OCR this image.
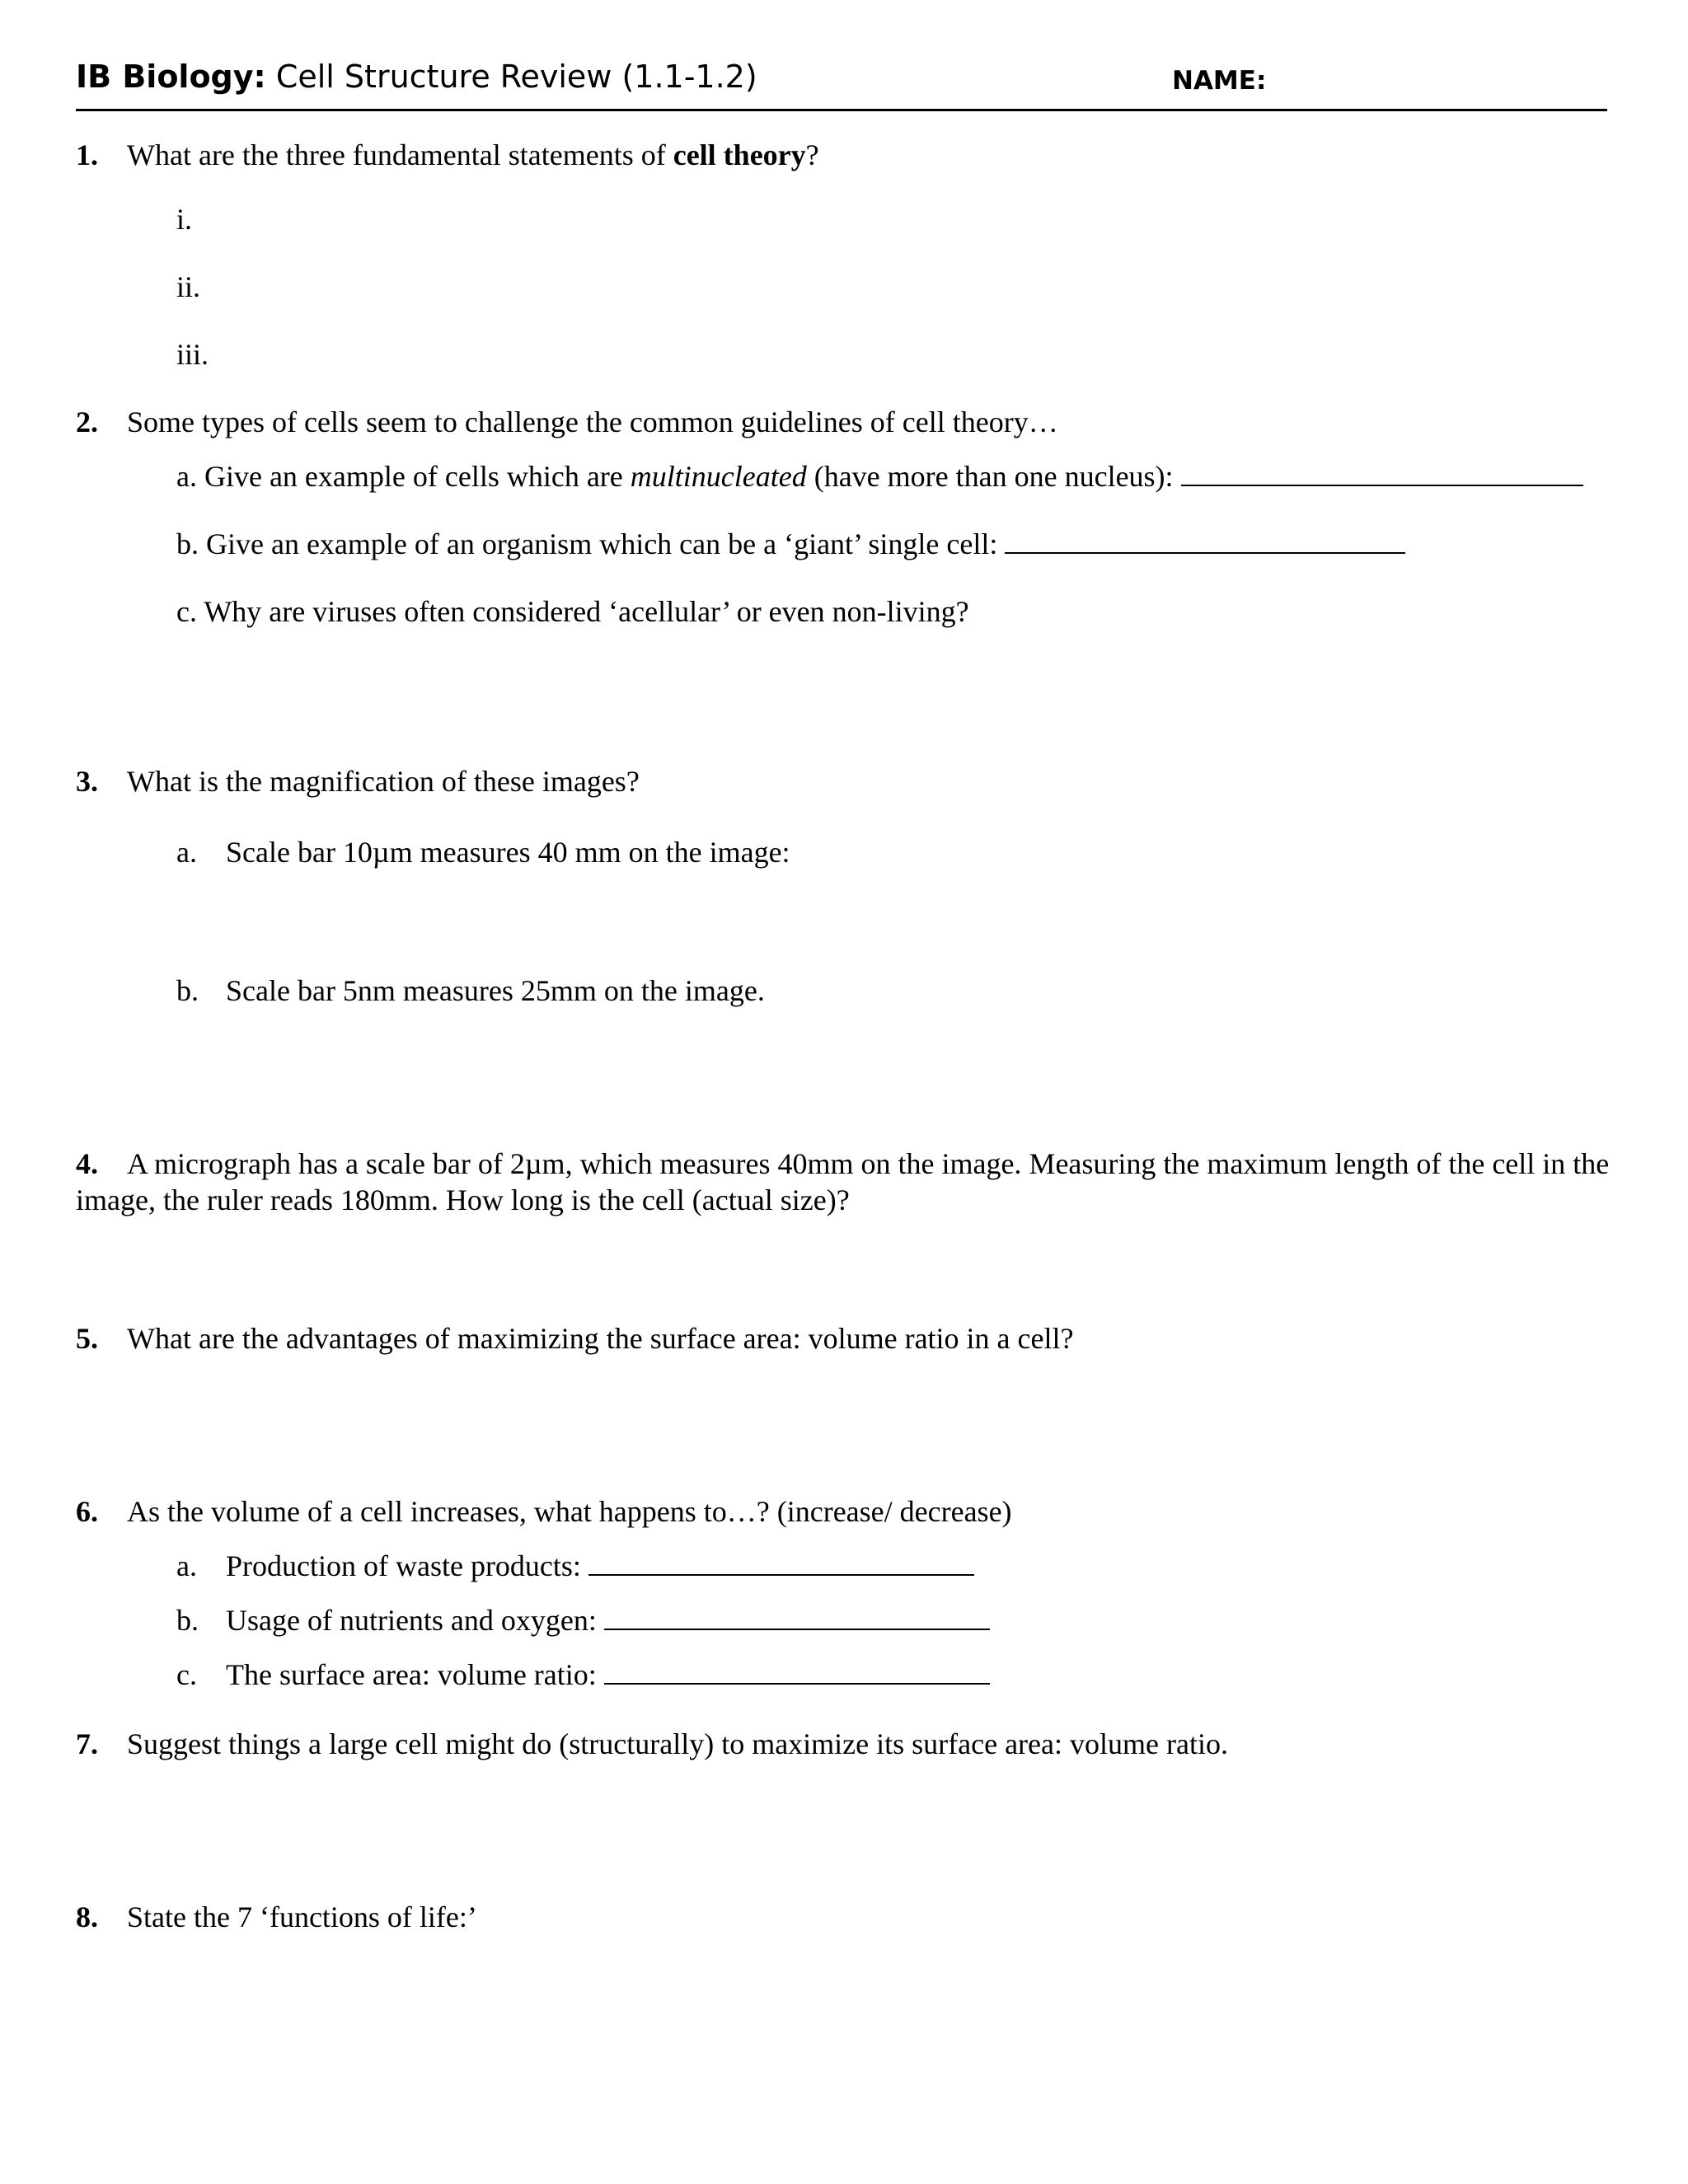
IB Biology: Cell Structure Review (1.1-1.2)	NAME:
1. What are the three fundamental statements of cell theory?
i.
ii.
iii.
2. Some types of cells seem to challenge the common guidelines of cell theory…
a. Give an example of cells which are multinucleated (have more than one nucleus):
b. Give an example of an organism which can be a ‘giant’ single cell:
c. Why are viruses often considered ‘acellular’ or even non-living?
3. What is the magnification of these images?
a. Scale bar 10µm measures 40 mm on the image:
b. Scale bar 5nm measures 25mm on the image.
4. A micrograph has a scale bar of 2µm, which measures 40mm on the image. Measuring the maximum length of the cell in the image, the ruler reads 180mm. How long is the cell (actual size)?
5. What are the advantages of maximizing the surface area: volume ratio in a cell?
6. As the volume of a cell increases, what happens to…? (increase/ decrease)
a. Production of waste products:
b. Usage of nutrients and oxygen:
c. The surface area: volume ratio:
7. Suggest things a large cell might do (structurally) to maximize its surface area: volume ratio.
8. State the 7 ‘functions of life:’
